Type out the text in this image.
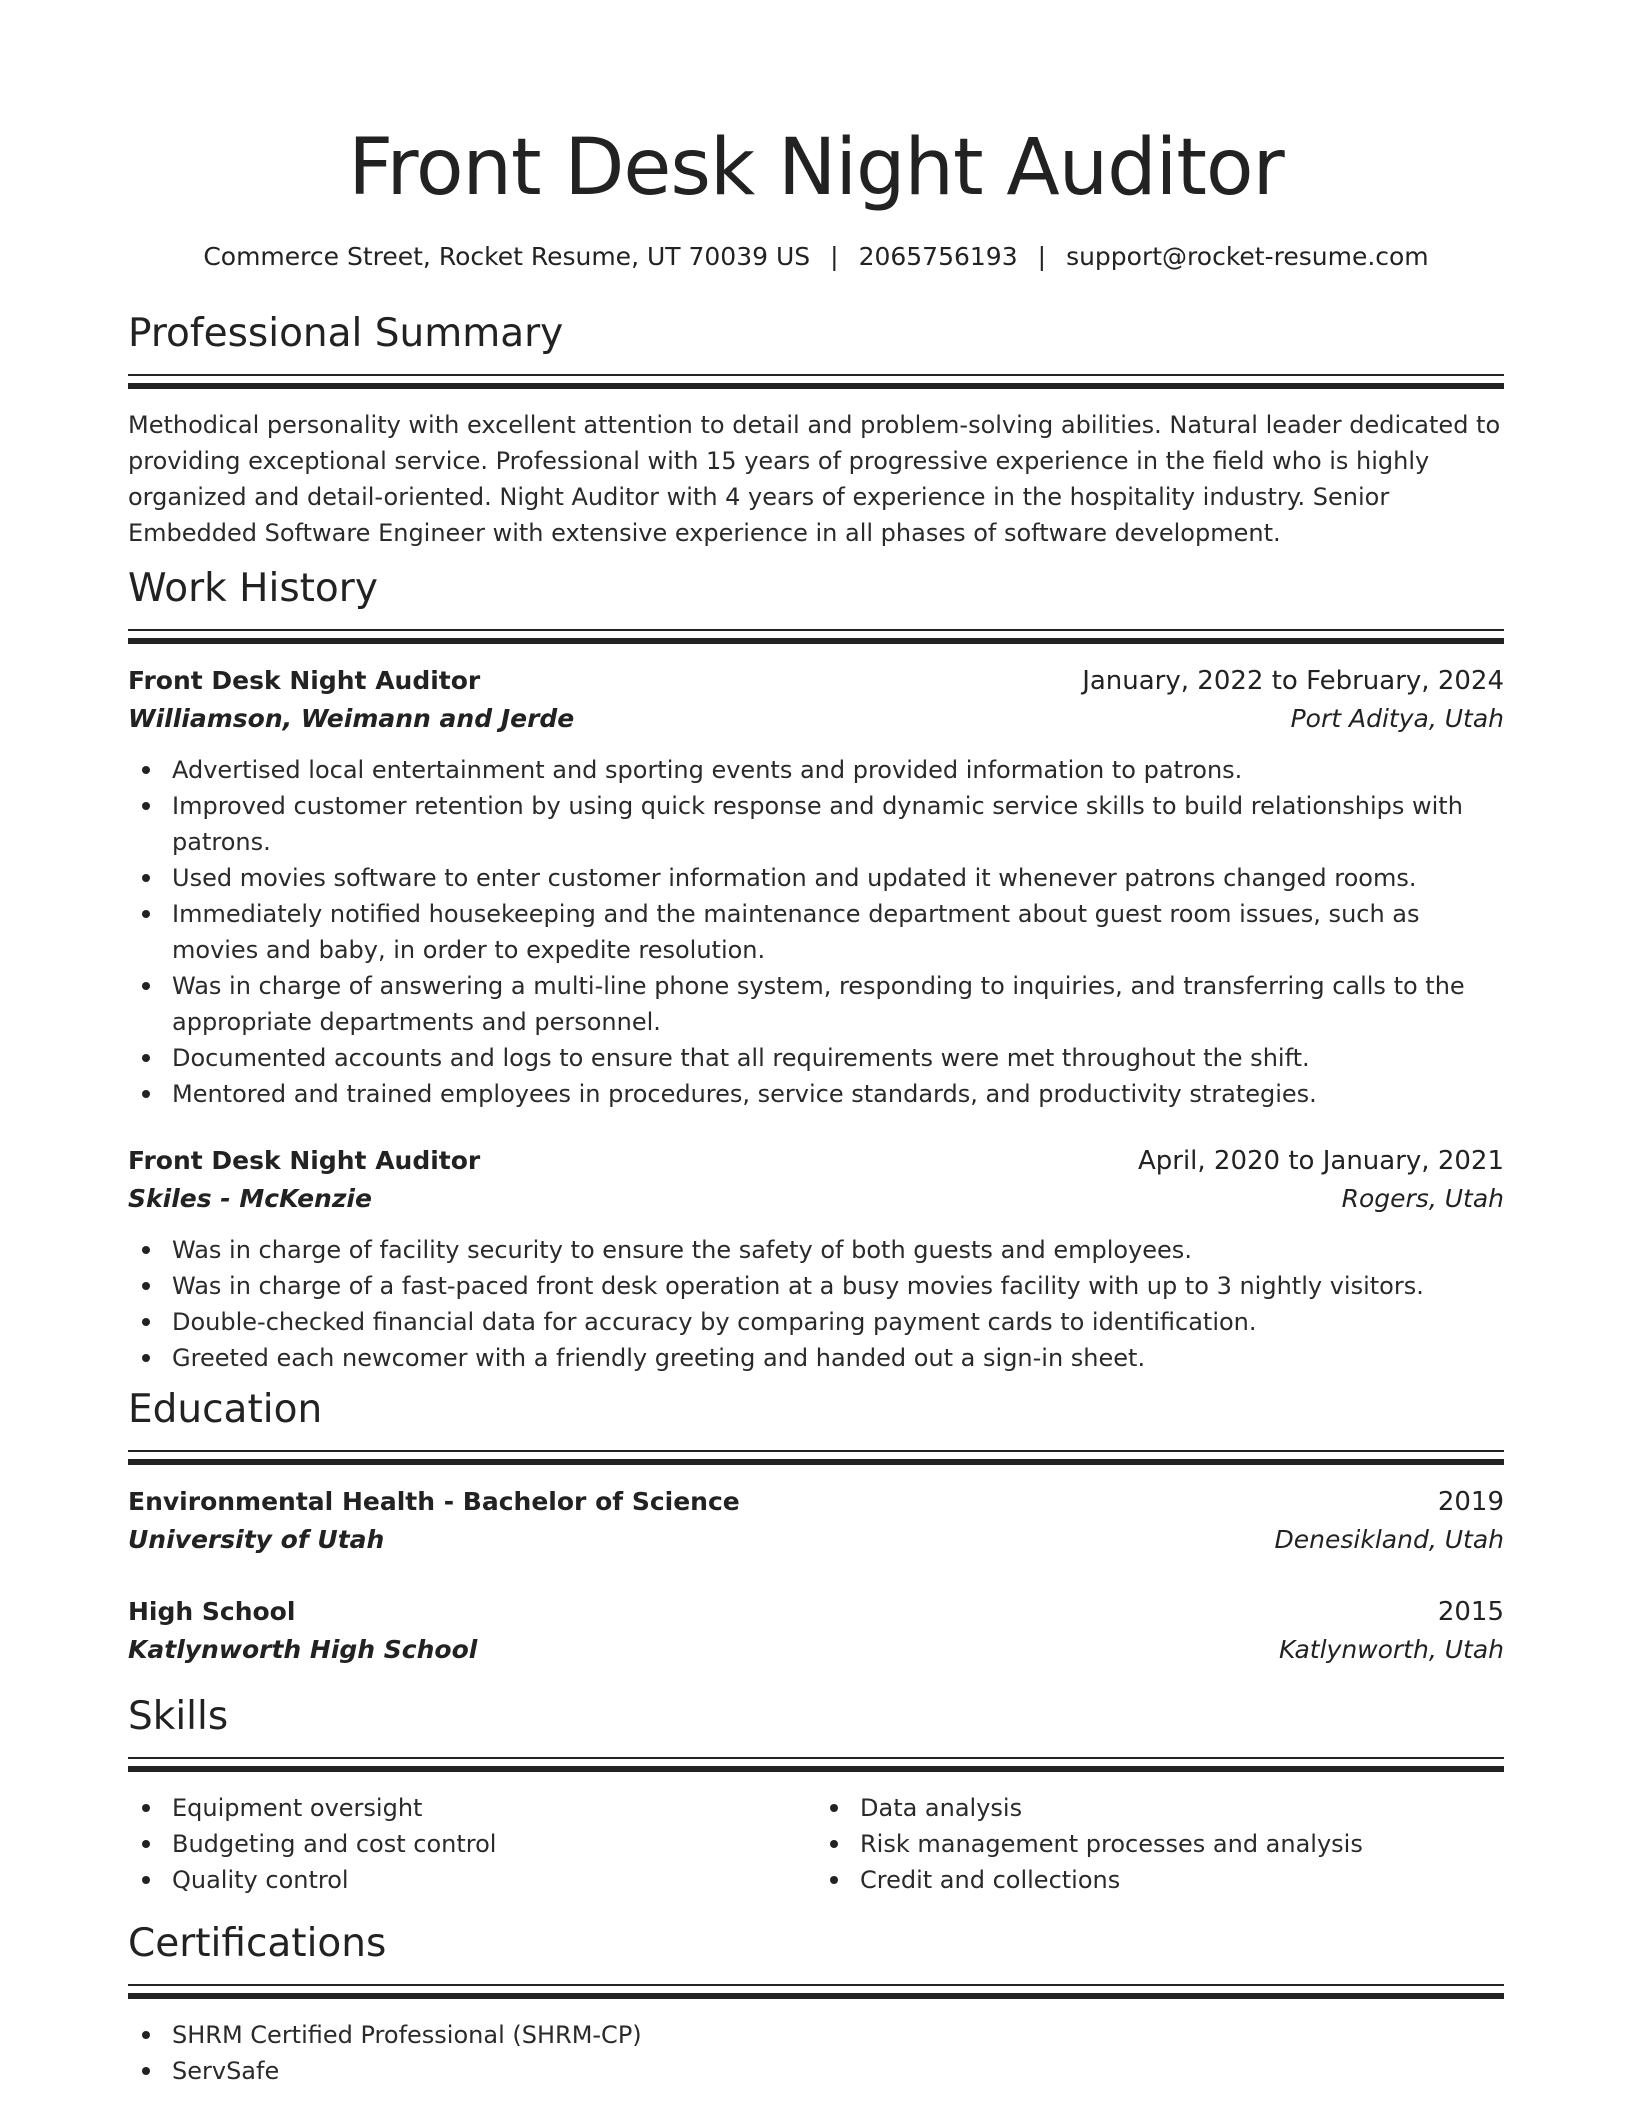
Front Desk Night Auditor
Commerce Street, Rocket Resume, UT 70039 US | 2065756193 | support@rocket-resume.com
Professional Summary

Methodical personality with excellent attention to detail and problem-solving abilities. Natural leader dedicated to providing exceptional service. Professional with 15 years of progressive experience in the field who is highly organized and detail-oriented. Night Auditor with 4 years of experience in the hospitality industry. Senior Embedded Software Engineer with extensive experience in all phases of software development.

Work History
Front Desk Night Auditor	January, 2022 to February, 2024
Williamson, Weimann and Jerde	Port Aditya, Utah
Advertised local entertainment and sporting events and provided information to patrons.
Improved customer retention by using quick response and dynamic service skills to build relationships with patrons.
Used movies software to enter customer information and updated it whenever patrons changed rooms.
Immediately notified housekeeping and the maintenance department about guest room issues, such as movies and baby, in order to expedite resolution.
Was in charge of answering a multi-line phone system, responding to inquiries, and transferring calls to the appropriate departments and personnel.
Documented accounts and logs to ensure that all requirements were met throughout the shift.
Mentored and trained employees in procedures, service standards, and productivity strategies.
Front Desk Night Auditor	April, 2020 to January, 2021
Skiles - McKenzie	Rogers, Utah
Was in charge of facility security to ensure the safety of both guests and employees.
Was in charge of a fast-paced front desk operation at a busy movies facility with up to 3 nightly visitors.
Double-checked financial data for accuracy by comparing payment cards to identification.
Greeted each newcomer with a friendly greeting and handed out a sign-in sheet.
Education
Environmental Health - Bachelor of Science	2019
University of Utah	Denesikland, Utah
High School	2015
Katlynworth High School	Katlynworth, Utah
Skills
Equipment oversight
Budgeting and cost control
Quality control
Data analysis
Risk management processes and analysis
Credit and collections
Certifications
SHRM Certified Professional (SHRM-CP)
ServSafe
